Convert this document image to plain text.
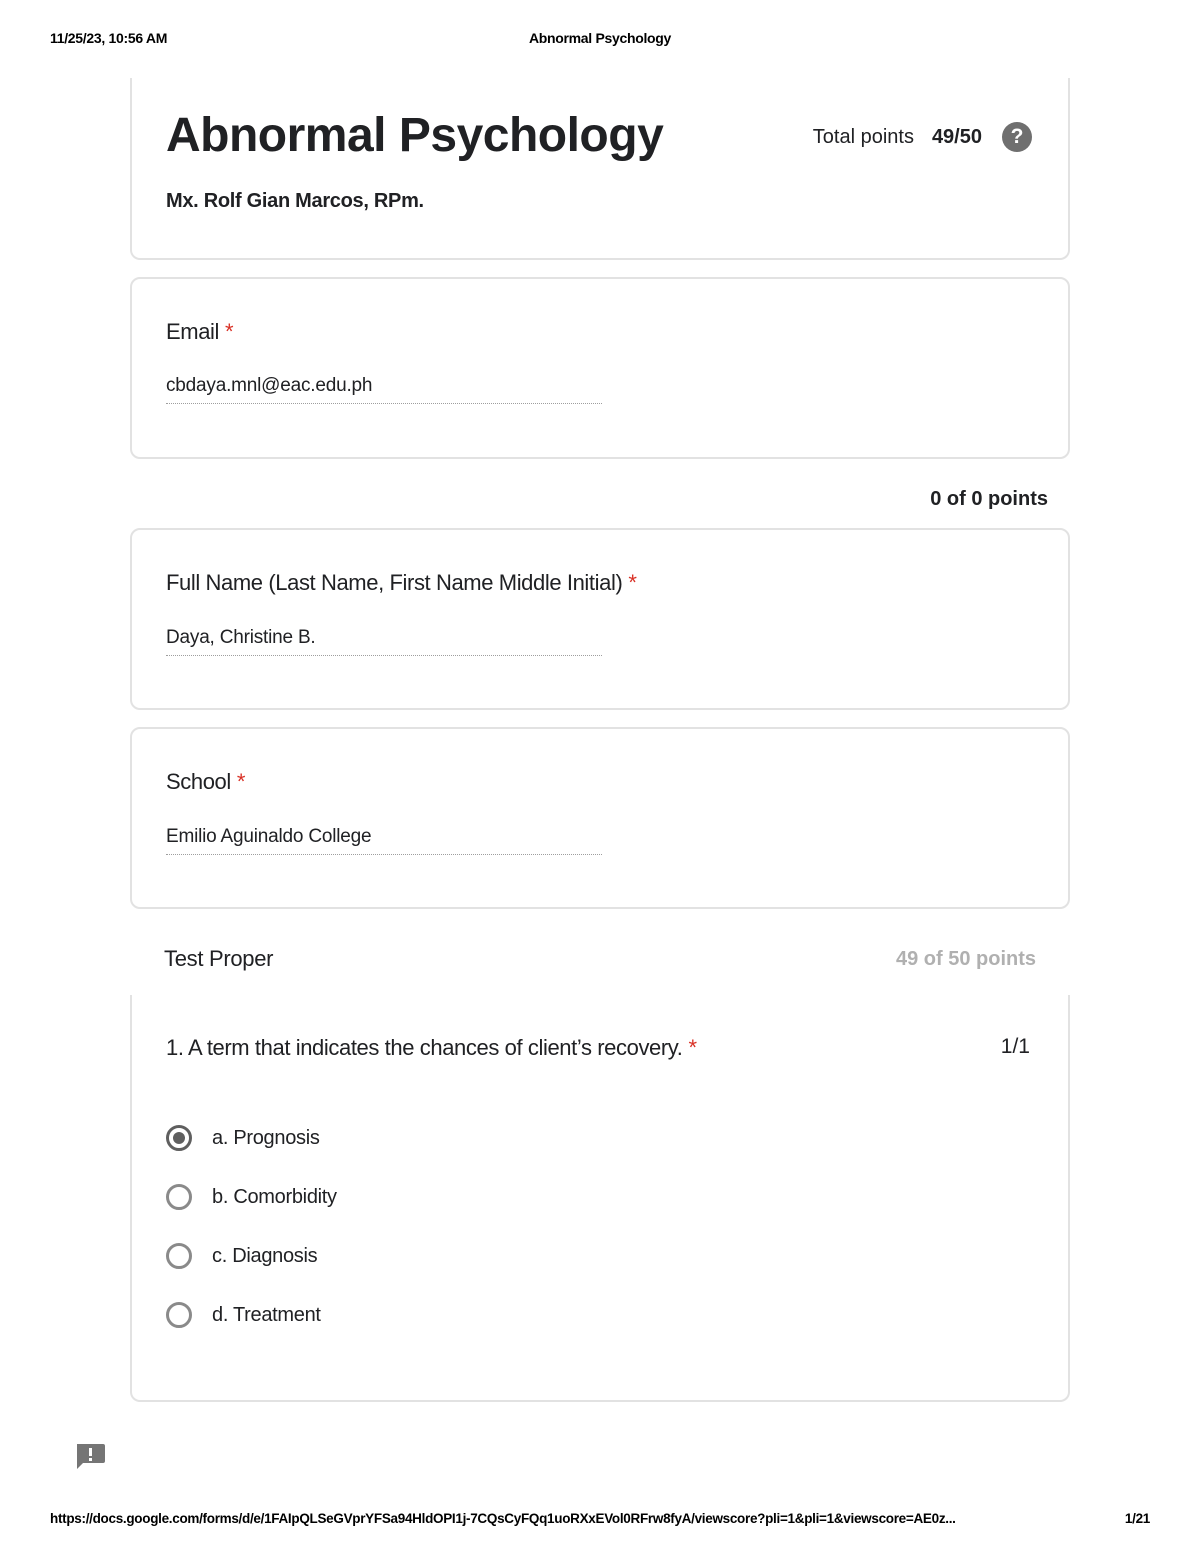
11/25/23, 10:56 AM	Abnormal Psychology
Abnormal Psychology

Mx. Rolf Gian Marcos, RPm.

Total points 49/50	?
Email *
cbdaya.mnl@eac.edu.ph
0 of 0 points
Full Name (Last Name, First Name Middle Initial) *
Daya, Christine B.
School *
Emilio Aguinaldo College
Test Proper	49 of 50 points
1. A term that indicates the chances of client’s recovery. *	1/1
a. Prognosis
b. Comorbidity
c. Diagnosis
d. Treatment
https://docs.google.com/forms/d/e/1FAIpQLSeGVprYFSa94HldOPI1j-7CQsCyFQq1uoRXxEVol0RFrw8fyA/viewscore?pli=1&pli=1&viewscore=AE0z...	1/21
